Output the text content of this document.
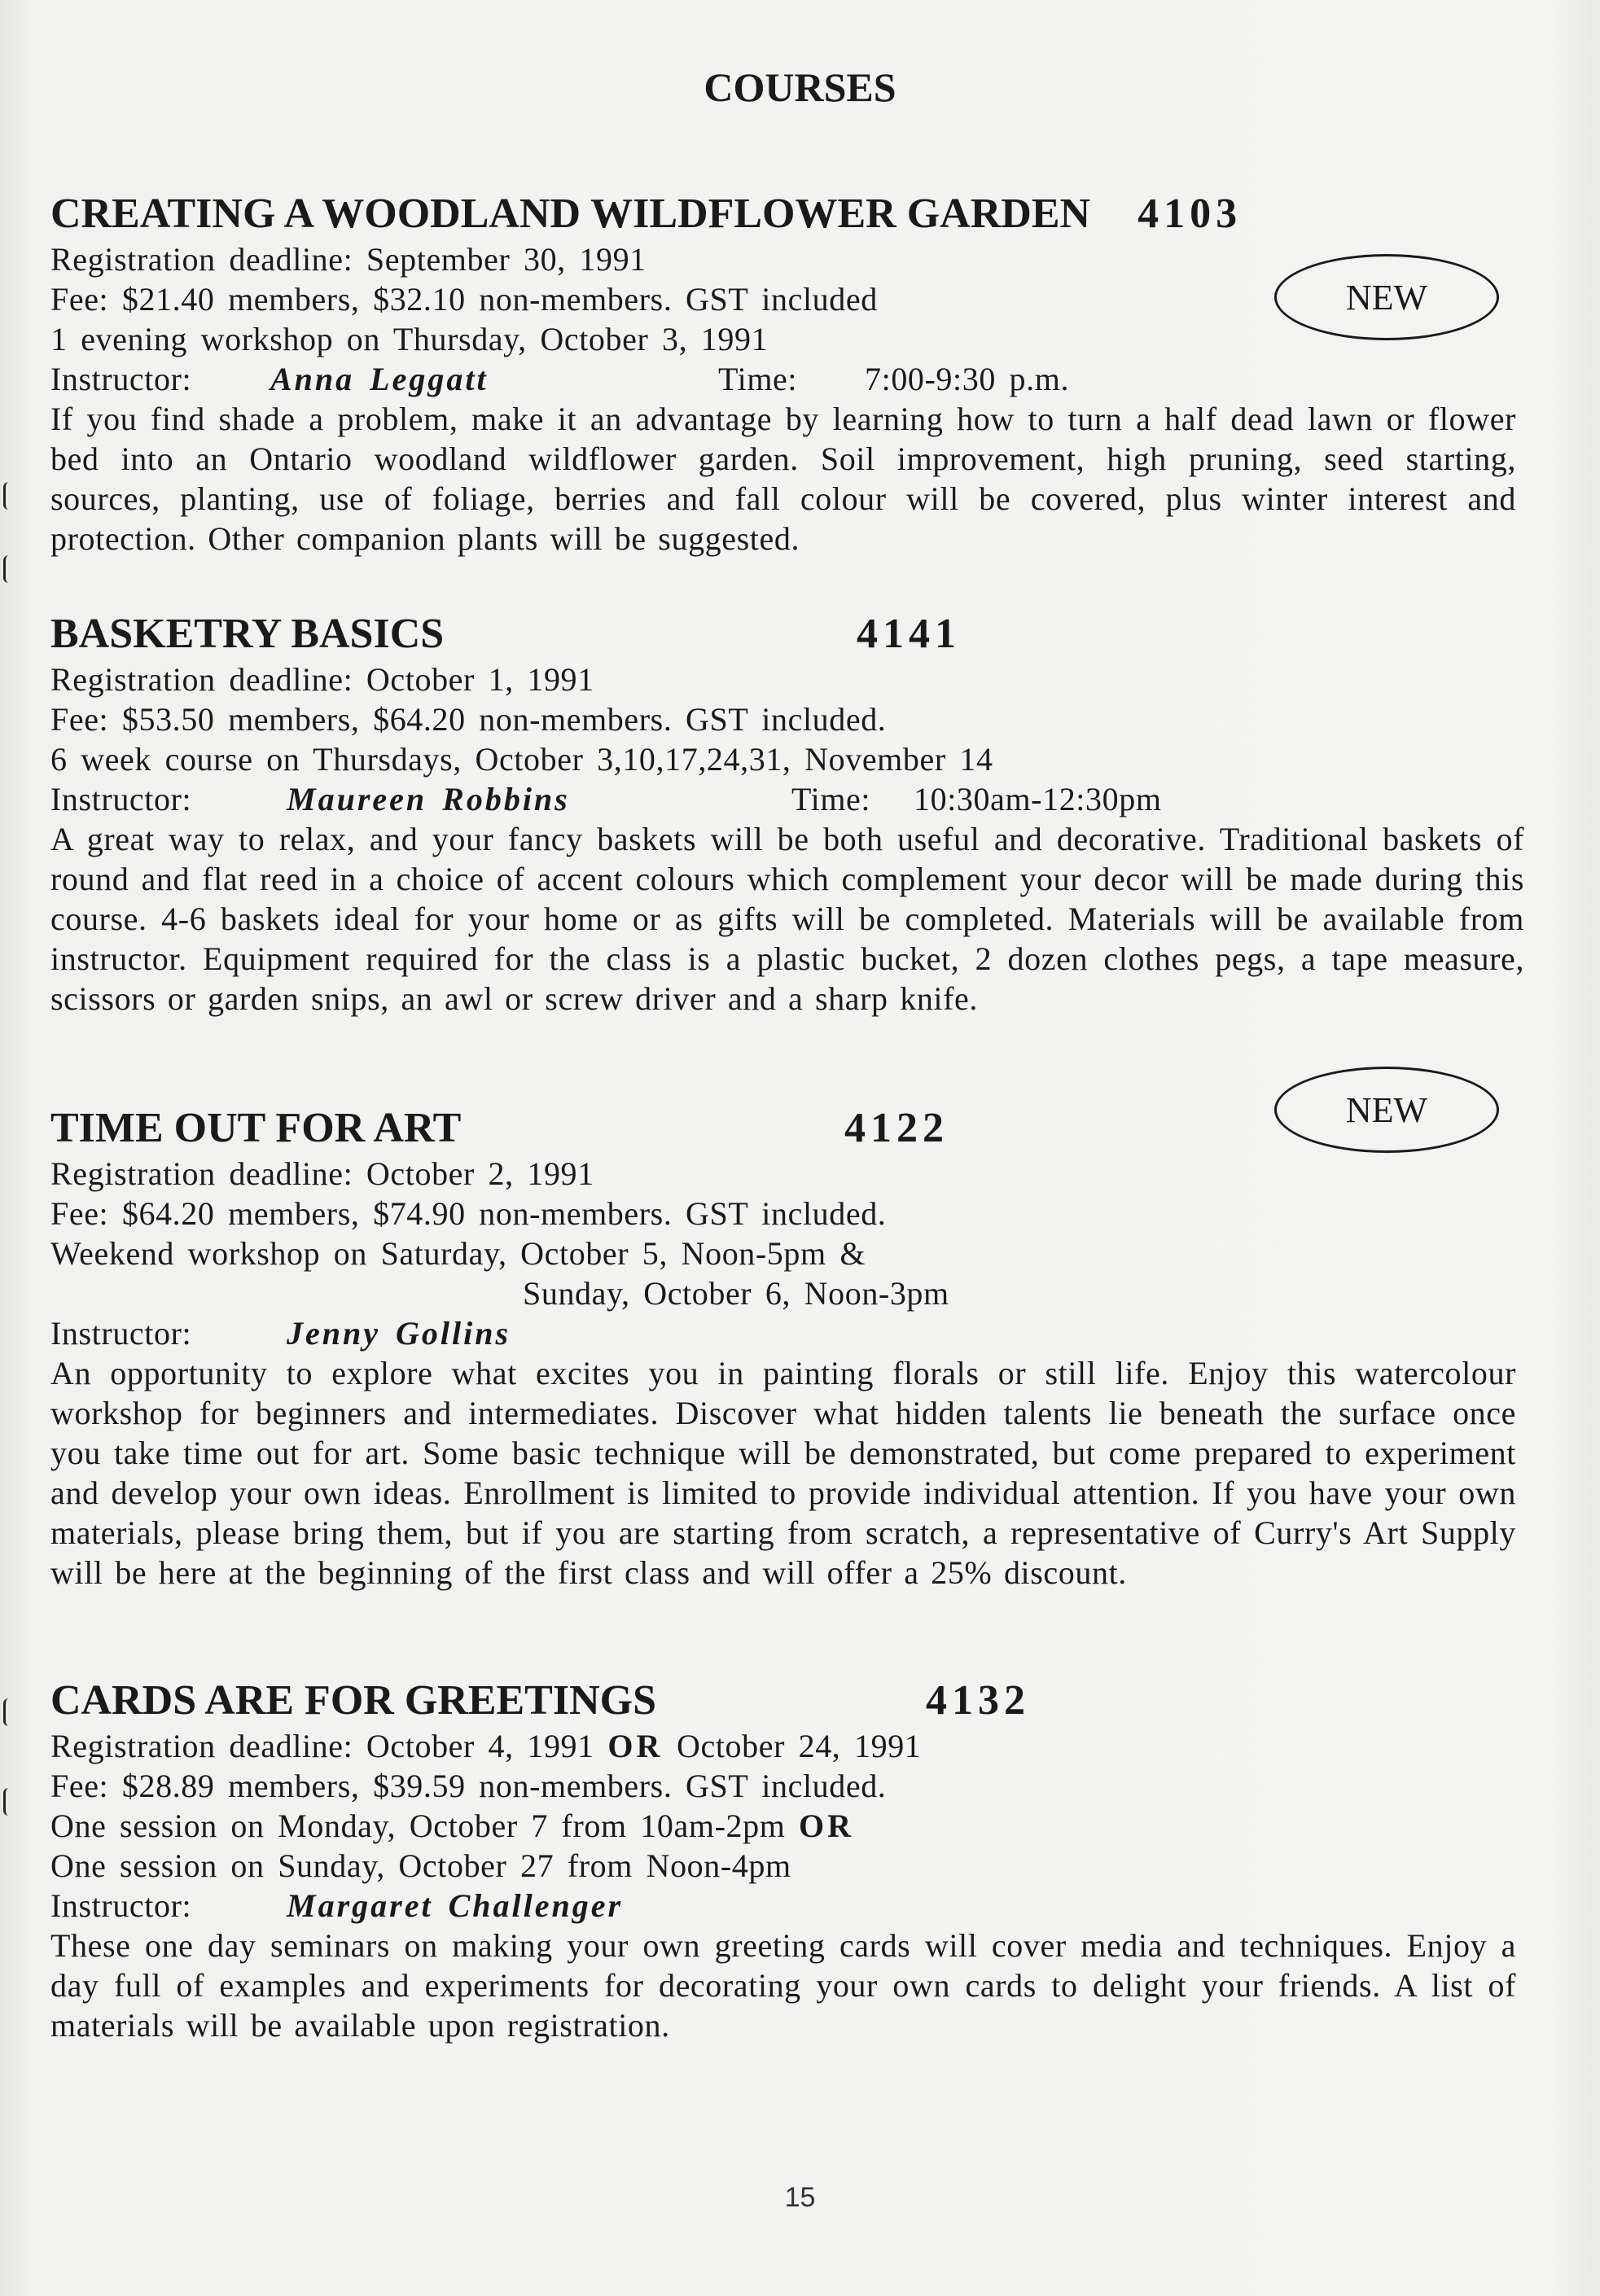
COURSES
CREATING A WOODLAND WILDFLOWER GARDEN 4103
Registration deadline: September 30, 1991
Fee: $21.40 members, $32.10 non-members. GST included
1 evening workshop on Thursday, October 3, 1991
Instructor: Anna Leggatt	Time: 7:00-9:30 p.m.
If you find shade a problem, make it an advantage by learning how to turn a half dead lawn or flower bed into an Ontario woodland wildflower garden. Soil improvement, high pruning, seed starting, sources, planting, use of foliage, berries and fall colour will be covered, plus winter interest and protection. Other companion plants will be suggested.
NEW
BASKETRY BASICS	4141
Registration deadline: October 1, 1991
Fee: $53.50 members, $64.20 non-members. GST included.
6 week course on Thursdays, October 3,10,17,24,31, November 14
Instructor:	Maureen Robbins	Time: 10:30am-12:30pm
A great way to relax, and your fancy baskets will be both useful and decorative. Traditional baskets of round and flat reed in a choice of accent colours which complement your decor will be made during this course. 4-6 baskets ideal for your home or as gifts will be completed. Materials will be available from instructor. Equipment required for the class is a plastic bucket, 2 dozen clothes pegs, a tape measure, scissors or garden snips, an awl or screw driver and a sharp knife.
TIME OUT FOR ART	4122
Registration deadline: October 2, 1991
Fee: $64.20 members, $74.90 non-members. GST included.
Weekend workshop on Saturday, October 5, Noon-5pm &
Sunday, October 6, Noon-3pm
Instructor:	Jenny Gollins
An opportunity to explore what excites you in painting florals or still life. Enjoy this watercolour workshop for beginners and intermediates. Discover what hidden talents lie beneath the surface once you take time out for art. Some basic technique will be demonstrated, but come prepared to experiment and develop your own ideas. Enrollment is limited to provide individual attention. If you have your own materials, please bring them, but if you are starting from scratch, a representative of Curry's Art Supply will be here at the beginning of the first class and will offer a 25% discount.
NEW
CARDS ARE FOR GREETINGS	4132
Registration deadline: October 4, 1991 OR October 24, 1991
Fee: $28.89 members, $39.59 non-members. GST included.
One session on Monday, October 7 from 10am-2pm OR
One session on Sunday, October 27 from Noon-4pm
Instructor:	Margaret Challenger
These one day seminars on making your own greeting cards will cover media and techniques. Enjoy a day full of examples and experiments for decorating your own cards to delight your friends. A list of materials will be available upon registration.
15
